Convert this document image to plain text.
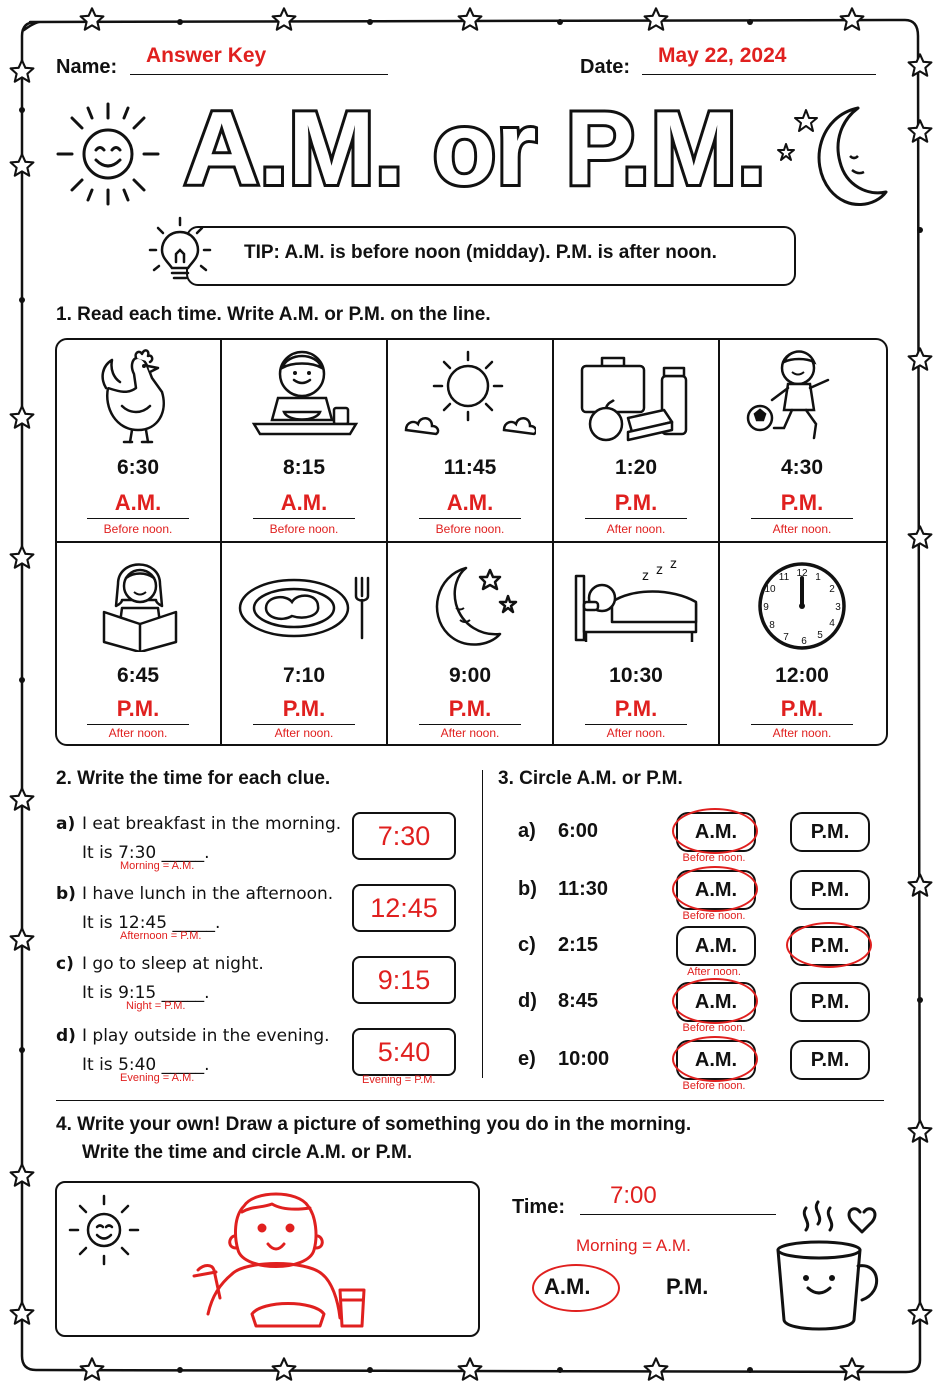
Name: Answer Key	Date: May 22, 2024
A.M. or P.M.
TIP: A.M. is before noon (midday). P.M. is after noon.
1. Read each time. Write A.M. or P.M. on the line.
z z z
12 1
2
3
4
5
6
7
8
9
10
11
6:30
A.M.
Before noon.
8:15
A.M.
Before noon.
11:45
A.M.
Before noon.
1:20
P.M.
After noon.
4:30
P.M.
After noon.
6:45
P.M.
After noon.
7:10
P.M.
After noon.
9:00
P.M.
After noon.
10:30
P.M.
After noon.
12:00
P.M.
After noon.
2. Write the time for each clue.
a) I eat breakfast in the morning.
It is 7:30 _____.
Morning = A.M.
7:30
b) I have lunch in the afternoon.
It is 12:45 _____.
Afternoon = P.M.
12:45
c) I go to sleep at night.
It is 9:15 _____.
Night = P.M.
9:15
d) I play outside in the evening.
It is 5:40 _____.
Evening = A.M.
5:40
Evening = P.M.
3. Circle A.M. or P.M.
a) 6:00	A.M.	P.M.
Before noon.
b) 11:30	A.M.	P.M.
Before noon.
c) 2:15	A.M.	P.M.
After noon.
d) 8:45	A.M.	P.M.
Before noon.
e) 10:00	A.M.	P.M.
Before noon.
4. Write your own! Draw a picture of something you do in the morning.
Write the time and circle A.M. or P.M.
Time: 7:00
Morning = A.M.
A.M.	P.M.
